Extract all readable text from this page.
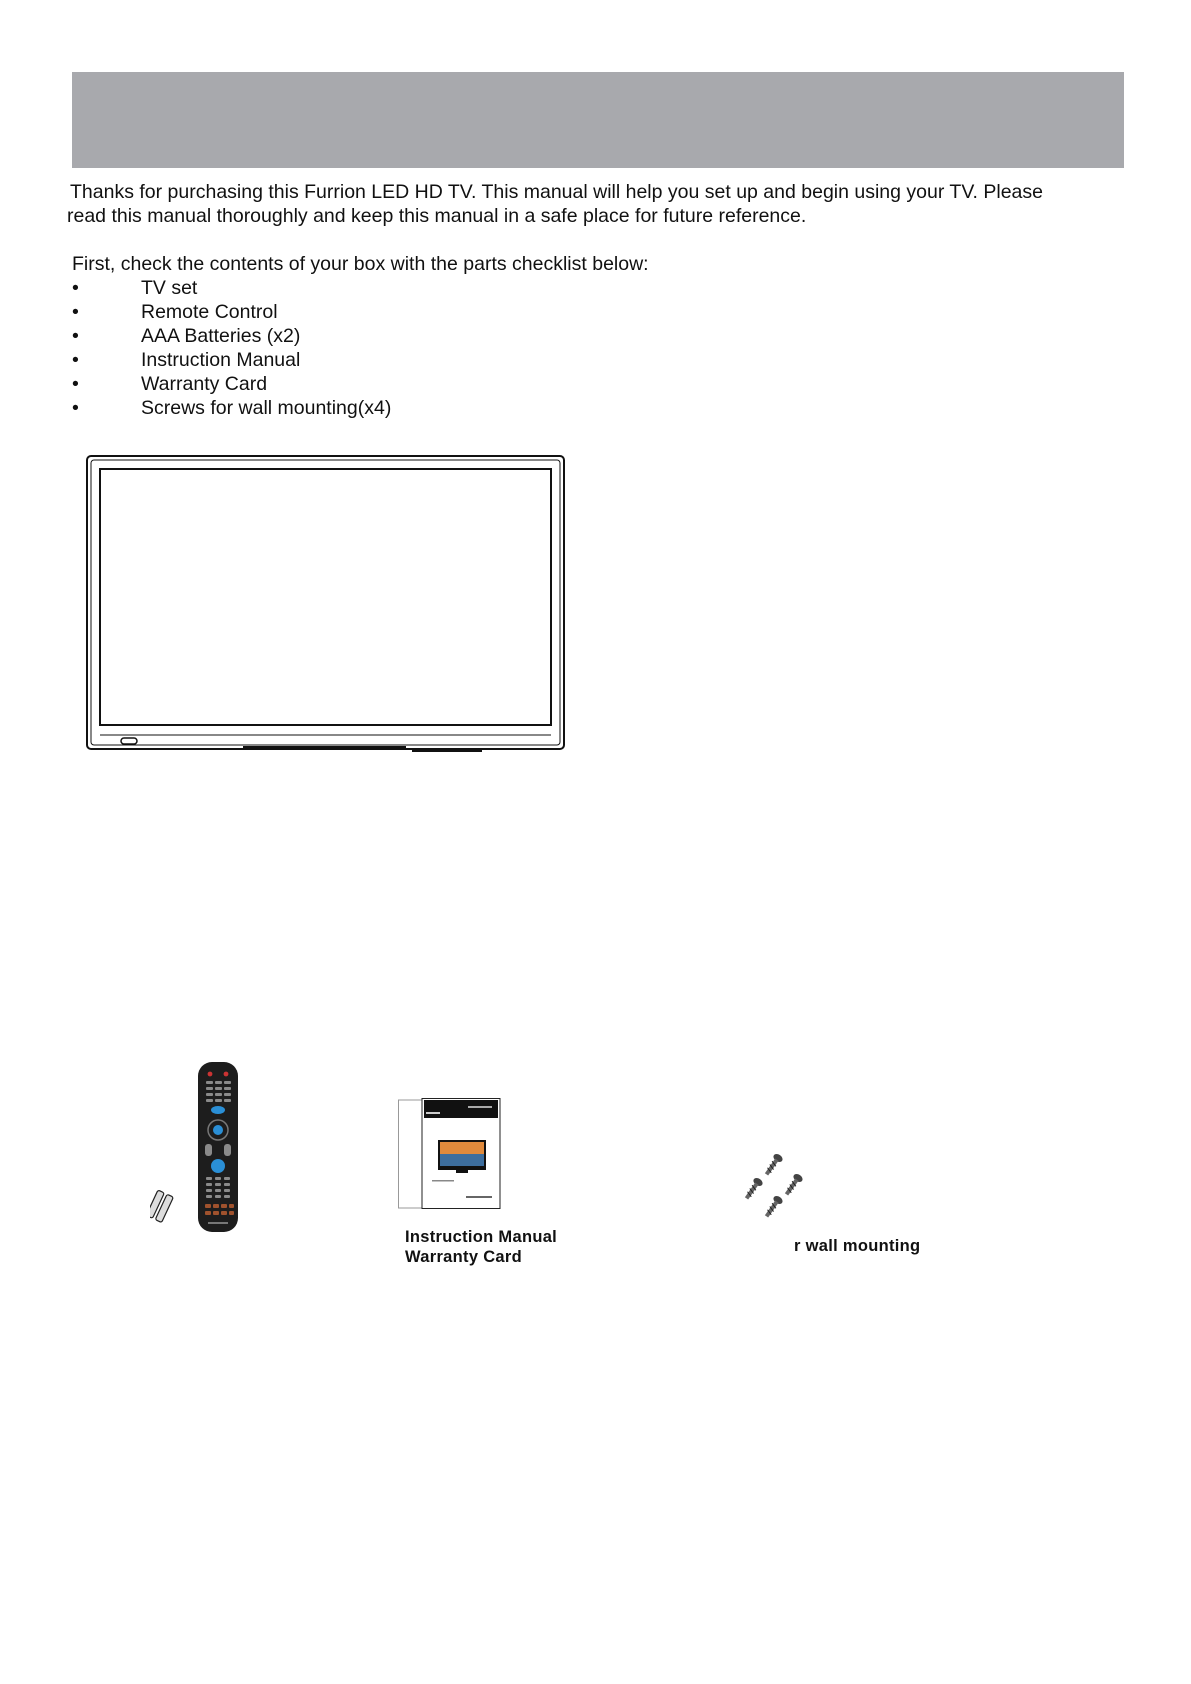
Thanks for purchasing this Furrion LED HD TV. This manual will help you set up and begin using your TV. Please
read this manual thoroughly and keep this manual in a safe place for future reference.

First, check the contents of your box with the parts checklist below:

•	TV set
•	Remote Control
•	AAA Batteries (x2)
•	Instruction Manual
•	Warranty Card
•	Screws for wall mounting(x4)
Instruction Manual
Warranty Card
r wall mounting
